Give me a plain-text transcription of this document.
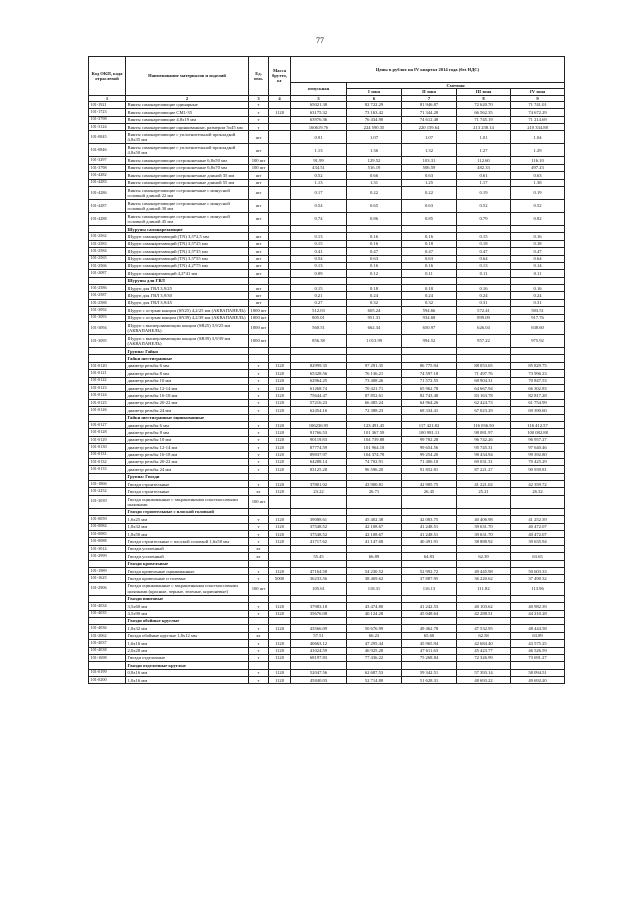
77
Код ОКП, кода отраслевой	Наименование материалов и изделий	Ед. изм.	Масса брутто, кг	Цены в рублях на IV квартал 2014 года (без НДС)				

				отпускная	Сметная			
					I зона	II зона	III зона	IV зона
1	2	3	4	5	6	7	8	9
101-1921	Винты самонарезающие одинарные	т		65021.38	82 722.29	81 946.87	72 620.70	71 741.01
101-1723	Винты самонарезающие СМ1-35	т	1120	63175.32	73 163.42	71 344.28	66 562.35	74 672.29
101-3798	Винты самонарезающие 4,8х19 мм	т		63976.36	76 434.90	74 612.48	71 745.19	71 214.69
101-3124	Винты самонарезающие оцинкованные, размером 5х45 мм	т		160619.76	224 590.35	220 159.64	213 238.14	210 334.88
101-0845	Винты самонарезающие с уплотнительной прокладкой 4,8х35 мм	шт		0.91	1.07	1.07	1.01	1.04
101-0846	Винты самонарезающие с уплотнительной прокладкой 4,8х50 мм	шт		1.13	1.36	1.32	1.27	1.29
101-3297	Винты самонарезающие остроконечные 6,8х50 мм	100 шт		91.99	129.52	103.31	112.60	116.10
101-3798	Винты самонарезающие остроконечные 6,8х70 мм	100 шт		434.51	516.19	506.59	482.33	497.23
101-4282	Винты самонарезающие остроконечные длиной 35 мм	шт		0.52	0.66	0.63	0.61	0.63
101-4283	Винты самонарезающие остроконечные длиной 55 мм	шт		1.13	1.31	1.25	1.17	1.38
101-4286	Винты самонарезающие остроконечные с минусной головкой длиной 22 мм	шт		0.17	0.22	0.22	0.19	0.19
101-4287	Винты самонарезающие остроконечные с минусной головкой длиной 30 мм	шт		0.54	0.65	0.63	0.52	0.52
101-4288	Винты самонарезающие остроконечные с минусной головкой длиной 45 мм	шт		0.74	0.86	0.85	0.79	0.82
	Шурупы самонарезающие							
101-2562	Шуруп самонарезающий (TN) 3,5*2,5 мм	шт		0.13	0.16	0.16	0.15	0.16
101-2583	Шуруп самонарезающий (TN) 3,5*25 мм	шт		0.15	0.16	0.18	0.18	0.18
101-2584	Шуруп самонарезающий (TN) 3,5*35 мм	шт		0.41	0.47	0.47	0.47	0.47
101-2565	Шуруп самонарезающий (TN) 3,5*55 мм	шт		0.54	0.63	0.63	0.64	0.64
101-2566	Шуруп самонарезающий (TN) 4,2*75 мм	шт		0.13	0.16	0.16	0.13	0.14
101-2087	Шуруп самонарезающий 4,2*41 мм	шт		0.09	0.12	0.11	0.11	0.11
	Шурупы для ГВЛ							
101-2586	Шуруп для ГВЛ 3,9/25	шт		0.15	0.18	0.18	0.16	0.16
101-2587	Шуруп для ГВЛ 3,9/30	шт		0.21	0.24	0.24	0.24	0.24
101-2588	Шуруп для ГВЛ 3,9/45	шт		0.27	0.32	0.32	0.31	0.31
101-3092	Шуруп с острым концом (SN25) 4,2/25 мм (АКВАПАНЕЛЬ)	1000 шт		512.03	605.24	594.66	572.41	583.51
101-3093	Шуруп с острым концом (SN39) 4,2/39 мм (АКВАПАНЕЛЬ)	1000 шт		805.01	951.31	934.68	899.09	917.76
101-3094	Шуруп с высверливающим концом (SB25) 3,9/25 мм (АКВАПАНЕЛЬ)	1000 шт		560.51	662.34	650.97	626.04	638.60
101-3095	Шуруп с высверливающим концом (SB39) 3,9/39 мм (АКВАПАНЕЛЬ)	1000 шт		856.38	1 013.99	994.52	957.22	975.92
	Группа: Гайки							
	Гайки шестигранные							
101-0120	диаметр резьбы 6 мм	т	1120	82999.35	97 291.35	86 775.94	88 053.65	85 829.75
101-0121	диаметр резьбы 8 мм	т	1120	65328.56	76 136.21	74 597.18	71 497.76	73 996.23
101-0122	диаметр резьбы 10 мм	т	1120	62964.25	73 408.26	71 572.55	68 904.31	70 847.53
101-0123	диаметр резьбы 12-14 мм	т	1120	61268.74	70 421.71	65 962.78	64 667.94	66 302.83
101-0124	диаметр резьбы 16-18 мм	т	1120	75644.47	87 852.61	82 743.48	83 163.78	82 817.28
101-0125	диаметр резьбы 20-22 мм	т	1120	57216.23	66 485.24	64 964.26	62 424.73	61 754.99
101-0126	диаметр резьбы 24 мм	т	1120	62454.16	72 388.23	68 334.41	67 023.29	69 390.60
	Гайки шестигранные оцинкованные							
101-0127	диаметр резьбы 6 мм	т	1120	106236.95	123 491.45	117 421.82	116 036.50	116 412.57
101-0128	диаметр резьбы 8 мм	т	1120	91766.53	101 367.59	100 981.11	98 081.97	100 082.88
101-0129	диаметр резьбы 10 мм	т	1120	90119.83	104 739.88	99 782.28	96 742.26	96 957.27
101-0130	диаметр резьбы 12-14 мм	т	1120	87774.59	101 964.18	99 654.56	95 745.31	97 640.46
101-0131	диаметр резьбы 16-18 мм	т	1120	89837.97	104 374.78	99 254.20	98 434.94	99 392.80
101-0132	диаметр резьбы 20-22 мм	т	1120	64288.14	74 702.91	71 406.10	69 031.31	70 425.29
101-0133	диаметр резьбы 24 мм	т	1120	83125.28	96 596.20	91 852.81	87 221.27	90 939.81
	Группа: Гвозди							
101-1866	Гвозди строительные	т	1120	37801.02	43 900.81	42 985.75	41 221.02	42 359.72
101-2252	Гвозди строительные	кг	1120	23.22	26.71	26.45	25.21	26.32
101-3039	Гвозди оцинкованные с закрашенными пластмассовыми шляпками	100 шт						
	Гвозди строительные с плоской головкой							
101-0059	1,6х25 мм	т	1120	39088.61	45 402.38	42 083.75	40 406.98	41 252.39
101-0084	1,8х32 мм	т	1120	37548.52	42 108.67	41 248.51	39 631.70	40 472.07
101-0085	1,8х50 мм	т	1120	37548.52	42 108.67	41 248.51	39 631.70	40 472.07
101-0088	Гвозди строительные с плоской головкой 1,6х50 мм	т	1120	41717.62	41 147.68	40 491.91	38 888.92	39 635.94
101-3014	Гвозди усиленный	кг						
101-2999	Гвозди усиленный	кг		55.45	66.89	64.83	62.39	63.65
	Гвозди кровельные							
101-1989	Гвозди кровельные оцинкованные	т	1120	47164.58	54 230.52	52 992.72	49 445.98	50 603.33
101-1625	Гвозди кровельные и толевые	т	5000	36233.56	38 469.62	37 887.95	36 220.62	37 490.32
101-2906	Гвозди оцинкованные с закрашенными пластмассовыми шляпками (красные, черные, зеленые, коричневые)	100 шт		105.61	118.31	116.13	111.82	113.96
	Гвозди винтовые							
101-4034	3,5х60 мм	т	1120	37983.18	43 474.80	41 242.53	40 103.62	40 982.39
101-4035	4,5х90 мм	т	1120	35676.08	40 124.28	45 048.64	42 288.51	44 210.28
	Гвозди обойные круглые							
101-4036	1,8х32 мм	т	1120	43566.09	50 676.99	49 462.78	47 532.95	48 444.58
101-2062	Гвозди обойные круглые 1,8х12 мм	кг		57.51	66.23	65.60	62.58	63.89
101-4037	1,6х16 мм	т	1120	40663.12	47 295.44	45 965.94	42 684.40	43 575.25
101-4038	2,0х28 мм	т	1120	41024.59	46 925.28	47 611.63	45 423.77	46 526.59
101-1698	Гвозди отделочные	т	1120	68197.83	77 436.22	75 268.84	72 326.99	73 691.27
	Гвозди отделочные круглые							
101-0199	0,8х16 мм	т	1120	52047.56	62 687.53	59 342.51	57 393.14	58 094.51
101-0200	1,0х16 мм	т	1120	45840.03	52 714.80	51 628.31	48 693.22	49 692.20
